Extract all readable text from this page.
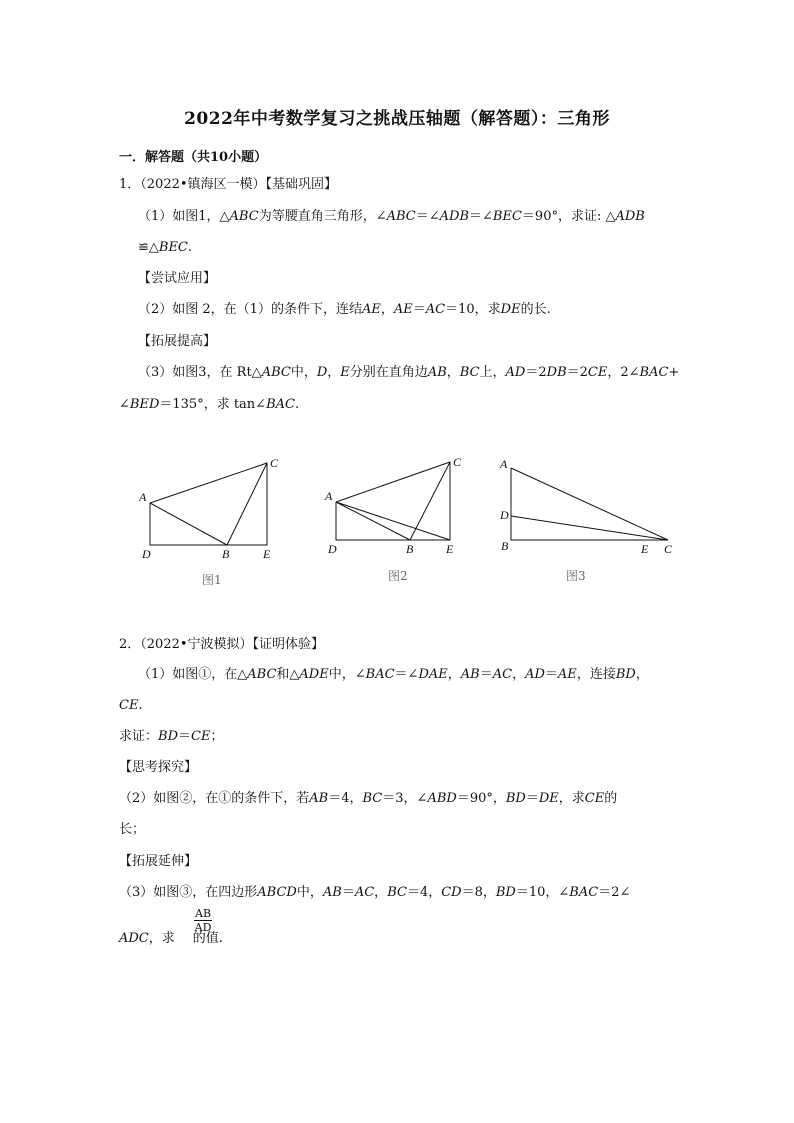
2022年中考数学复习之挑战压轴题（解答题）：三角形
一．解答题（共10小题）
1．（2022•镇海区一模）【基础巩固】
（1）如图1，△ABC为等腰直角三角形，∠ABC＝∠ADB＝∠BEC＝90°，求证: △ADB
≌△BEC.
【尝试应用】
（2）如图 2，在（1）的条件下，连结AE，AE＝AC＝10，求DE的长.
【拓展提高】
（3）如图3，在 Rt△ABC中，D，E分别在直角边AB，BC上，AD＝2DB＝2CE，2∠BAC+
∠BED＝135°，求 tan∠BAC.
A
C
D	B	E
图1
A
C
D	B	E
图2
A
D
B	E C
图3
2．（2022•宁波模拟）【证明体验】
（1）如图①，在△ABC和△ADE中，∠BAC＝∠DAE，AB＝AC，AD＝AE，连接BD，
CE.
求证：BD＝CE；
【思考探究】
（2）如图②，在①的条件下，若AB＝4，BC＝3，∠ABD＝90°，BD＝DE，求CE的
长；
【拓展延伸】
（3）如图③，在四边形ABCD中，AB＝AC，BC＝4，CD＝8，BD＝10，∠BAC＝2∠
ADC，求 的值.
$\frac{AB}{AD}$
